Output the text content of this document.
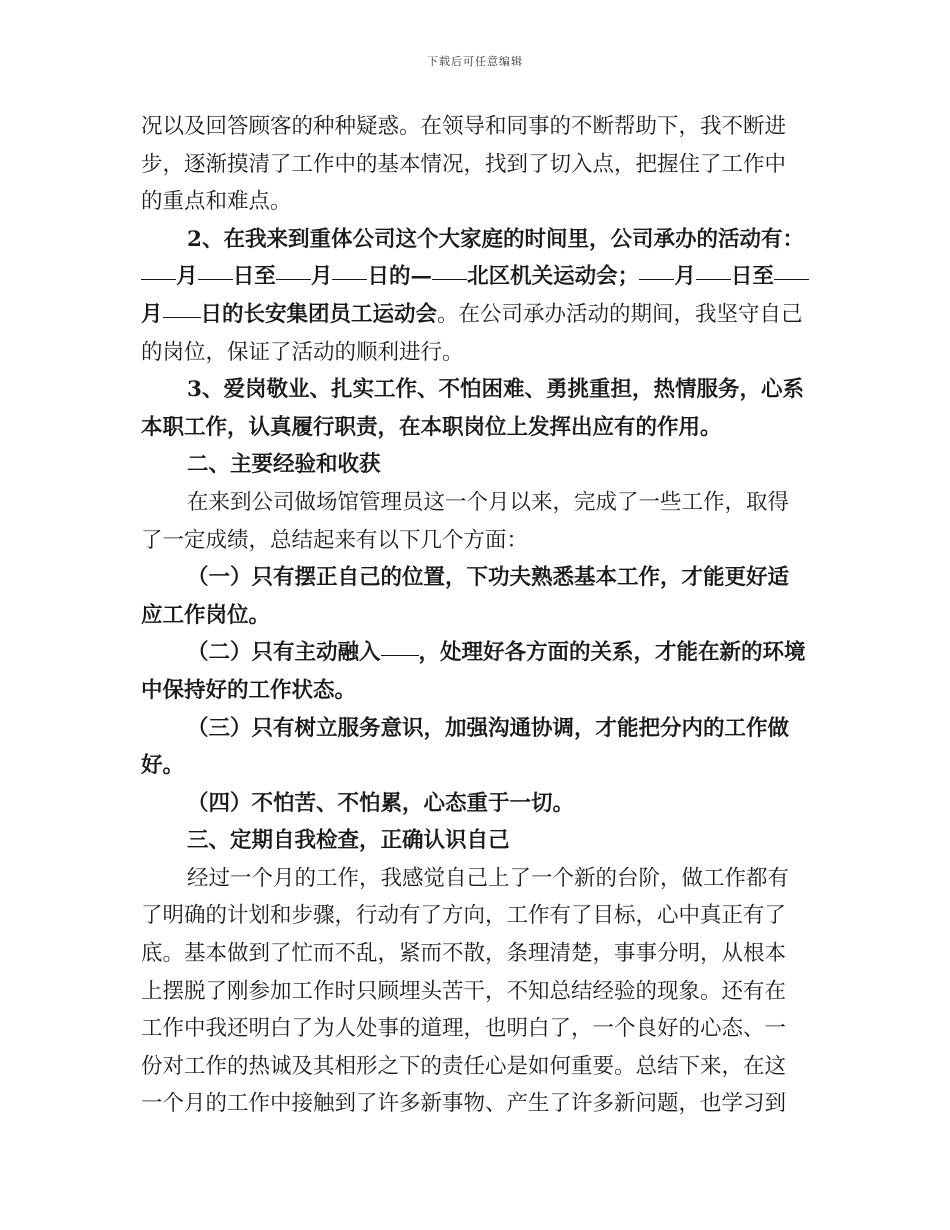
下载后可任意编辑
况以及回答顾客的种种疑惑。在领导和同事的不断帮助下，我不断进
步，逐渐摸清了工作中的基本情况，找到了切入点，把握住了工作中
的重点和难点。
2、在我来到重体公司这个大家庭的时间里，公司承办的活动有：
月 日至 月 日的— 北区机关运动会； 月 日至
月 日的长安集团员工运动会 。在公司承办活动的期间，我坚守自己
的岗位，保证了活动的顺利进行。
3、爱岗敬业、扎实工作、不怕困难、勇挑重担，热情服务，心系
本职工作，认真履行职责，在本职岗位上发挥出应有的作用。
二、主要经验和收获
在来到公司做场馆管理员这一个月以来，完成了一些工作，取得
了一定成绩，总结起来有以下几个方面：
（一）只有摆正自己的位置，下功夫熟悉基本工作，才能更好适
应工作岗位。
（二）只有主动融入 ，处理好各方面的关系，才能在新的环境
中保持好的工作状态。
（三）只有树立服务意识，加强沟通协调，才能把分内的工作做
好。
（四）不怕苦、不怕累，心态重于一切。
三、定期自我检查，正确认识自己
经过一个月的工作，我感觉自己上了一个新的台阶，做工作都有
了明确的计划和步骤，行动有了方向，工作有了目标，心中真正有了
底。基本做到了忙而不乱，紧而不散，条理清楚，事事分明，从根本
上摆脱了刚参加工作时只顾埋头苦干，不知总结经验的现象。还有在
工作中我还明白了为人处事的道理，也明白了，一个良好的心态、一
份对工作的热诚及其相形之下的责任心是如何重要。总结下来，在这
一个月的工作中接触到了许多新事物、产生了许多新问题，也学习到
